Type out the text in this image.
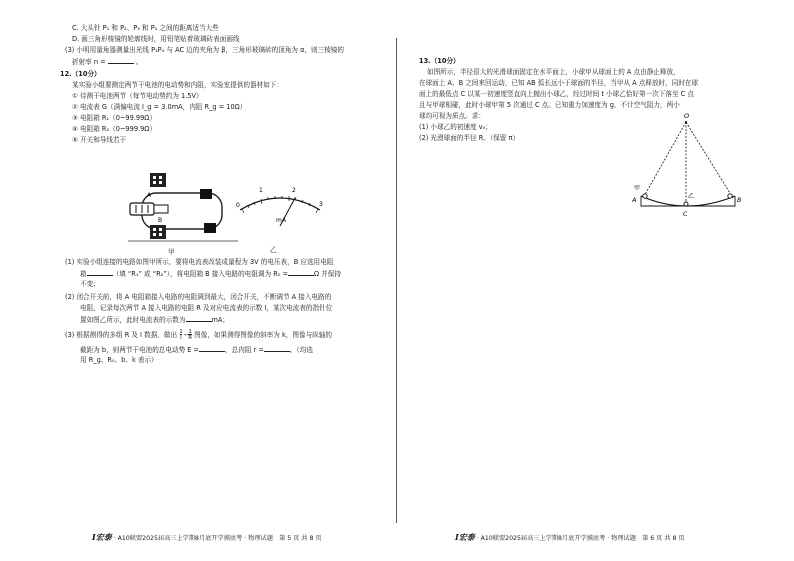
C. 大头针 P₁ 和 P₂、P₃ 和 P₄ 之间的距离适当大些
D. 画三角形棱镜的轮廓线时，用铅笔贴着玻璃砖表面画线
(3) 小明用量角器测量出光线 P₃P₄ 与 AC 边的夹角为 β，三角形玻璃砖的顶角为 α，则三棱镜的
折射率 n =	。
12.（10分）
某实验小组要测定两节干电池的电动势和内阻，实验室提供的器材如下：
① 待测干电池两节（每节电动势约为 1.5V）
② 电流表 G（满偏电流 I_g = 3.0mA，内阻 R_g = 10Ω）
③ 电阻箱 R₁（0~99.99Ω）
④ 电阻箱 R₂（0~999.9Ω）
⑤ 开关和导线若干
A
B
甲
0
1	2
3
mA
乙
(1) 实验小组连接的电路如图甲所示，要将电流表改装成量程为 3V 的电压表，B 应选用电阻
箱	（填 “R₁” 或 “R₂”），将电阻箱 B 接入电路的电阻调为 R₀ =	Ω 并保持
不变；
(2) 闭合开关前，将 A 电阻箱接入电路的电阻调到最大，闭合开关，不断调节 A 接入电路的
电阻，记录每次两节 A 接入电路的电阻 R 及对应电流表的示数 I，某次电流表的指针位
置如图乙所示，此时电流表的示数为	mA；
(3) 根据测得的多组 R 及 I 数据，做出 $\frac{1}{I}-\frac{1}{R}$ 图像，如果测得图像的斜率为 k，图像与纵轴的
截距为 b，则两节干电池的总电动势 E =	，总内阻 r =	。（均选
用 R_g、R₀、b、k 表示）
I宏泰 · A10联盟2025届高三上学期8月底开学摸底考 · 物理试题　第 5 页 共 8 页
13.（10分）
如图所示，半径很大的光滑球面固定在水平面上，小球甲从球面上的 A 点由静止释放，
在球面上 A、B 之间来回运动，已知 AB 弧长远小于球面的半径，当甲从 A 点释放时，同时在球
面上的最低点 C 以某一初速度竖直向上抛出小球乙，经过时间 t 小球乙恰好第一次下落至 C 点
且与甲球相碰，此时小球甲第 5 次通过 C 点。已知重力加速度为 g，不计空气阻力，两小
球均可视为质点。求：
(1) 小球乙的初速度 v₀；
(2) 光滑球面的半径 R。（保留 π）
O
甲
A	B
乙
C
I宏泰 · A10联盟2025届高三上学期8月底开学摸底考 · 物理试题　第 6 页 共 8 页
